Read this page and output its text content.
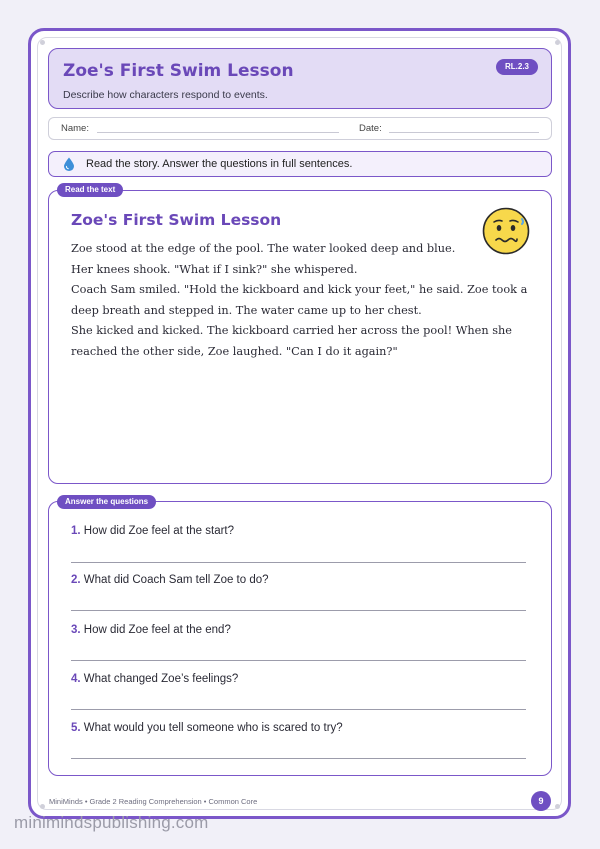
Zoe's First Swim Lesson
Describe how characters respond to events.
RL.2.3
Name:	Date:
Read the story. Answer the questions in full sentences.
Read the text
Zoe's First Swim Lesson
Zoe stood at the edge of the pool. The water looked deep and blue. Her knees shook. "What if I sink?" she whispered.
Coach Sam smiled. "Hold the kickboard and kick your feet," he said. Zoe took a deep breath and stepped in. The water came up to her chest.
She kicked and kicked. The kickboard carried her across the pool! When she reached the other side, Zoe laughed. "Can I do it again?"
Answer the questions
1. How did Zoe feel at the start?
2. What did Coach Sam tell Zoe to do?
3. How did Zoe feel at the end?
4. What changed Zoe’s feelings?
5. What would you tell someone who is scared to try?
MiniMinds • Grade 2 Reading Comprehension • Common Core	9
minimindspublishing.com
